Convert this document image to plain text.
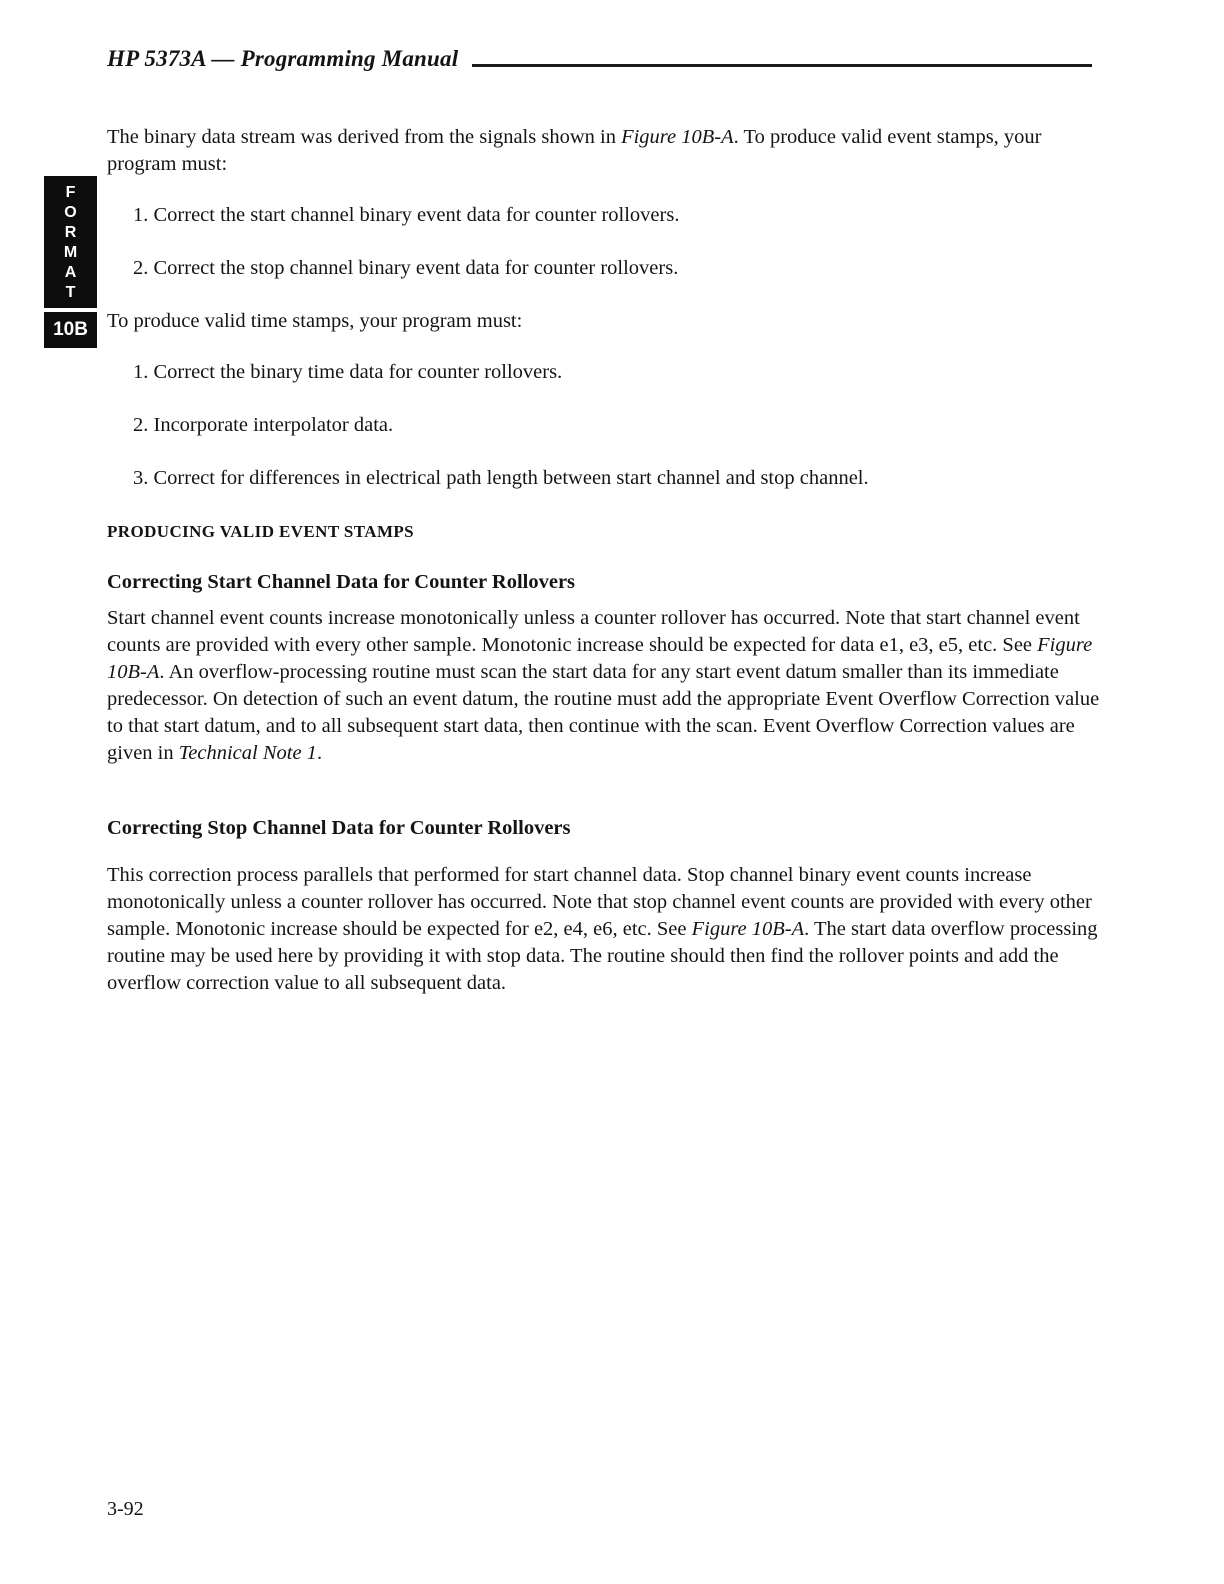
HP 5373A — Programming Manual
F
O
R
M
A
T
10B

The binary data stream was derived from the signals shown in Figure 10B-A. To produce valid event stamps, your program must:

1. Correct the start channel binary event data for counter rollovers.
2. Correct the stop channel binary event data for counter rollovers.

To produce valid time stamps, your program must:

1. Correct the binary time data for counter rollovers.
2. Incorporate interpolator data.
3. Correct for differences in electrical path length between start channel and stop channel.
PRODUCING VALID EVENT STAMPS
Correcting Start Channel Data for Counter Rollovers

Start channel event counts increase monotonically unless a counter rollover has occurred. Note that start channel event counts are provided with every other sample. Monotonic increase should be expected for data e1, e3, e5, etc. See Figure 10B-A. An overflow-processing routine must scan the start data for any start event datum smaller than its immediate predecessor. On detection of such an event datum, the routine must add the appropriate Event Overflow Correction value to that start datum, and to all subsequent start data, then continue with the scan. Event Overflow Correction values are given in Technical Note 1.

Correcting Stop Channel Data for Counter Rollovers

This correction process parallels that performed for start channel data. Stop channel binary event counts increase monotonically unless a counter rollover has occurred. Note that stop channel event counts are provided with every other sample. Monotonic increase should be expected for e2, e4, e6, etc. See Figure 10B-A. The start data overflow processing routine may be used here by providing it with stop data. The routine should then find the rollover points and add the overflow correction value to all subsequent data.

3-92
